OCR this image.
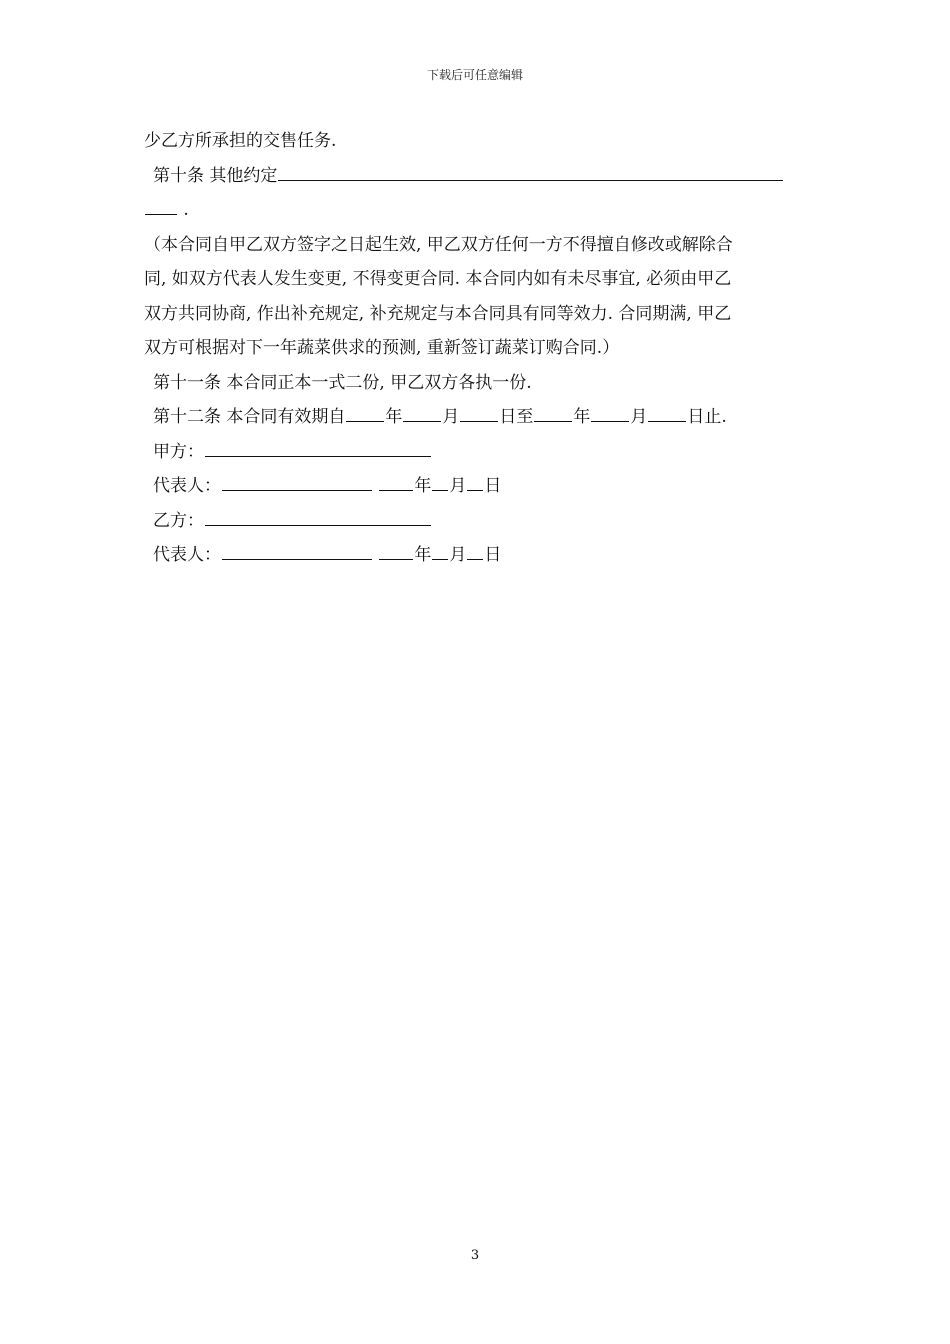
下载后可任意编辑
少乙方所承担的交售任务.
第十条 其他约定
.
（本合同自甲乙双方签字之日起生效, 甲乙双方任何一方不得擅自修改或解除合
同, 如双方代表人发生变更, 不得变更合同. 本合同内如有未尽事宜, 必须由甲乙
双方共同协商, 作出补充规定, 补充规定与本合同具有同等效力. 合同期满, 甲乙
双方可根据对下一年蔬菜供求的预测, 重新签订蔬菜订购合同.）
第十一条 本合同正本一式二份, 甲乙双方各执一份.
第十二条 本合同有效期自 年 月 日至 年 月 日止.
甲方：
代表人：	年 月 日
乙方：
代表人：	年 月 日
3
